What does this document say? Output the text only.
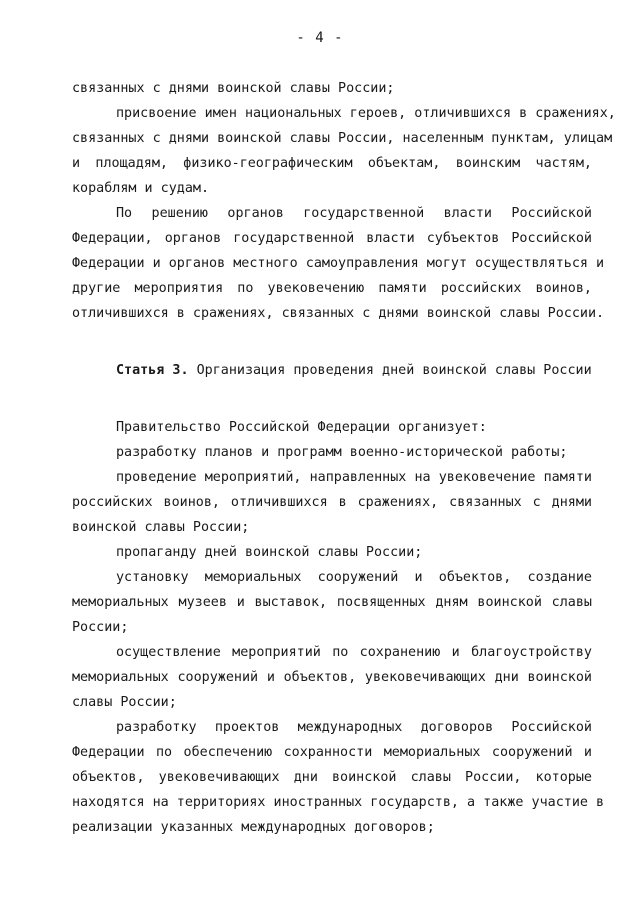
- 4 -
связанных с днями воинской славы России;
присвоение имен национальных героев, отличившихся в сражениях,
связанных с днями воинской славы России, населенным пунктам, улицам
и площадям, физико-географическим объектам, воинским частям,
кораблям и судам.
По решению органов государственной власти Российской
Федерации, органов государственной власти субъектов Российской
Федерации и органов местного самоуправления могут осуществляться и
другие мероприятия по увековечению памяти российских воинов,
отличившихся в сражениях, связанных с днями воинской славы России.
Статья 3. Организация проведения дней воинской славы России
Правительство Российской Федерации организует:
разработку планов и программ военно-исторической работы;
проведение мероприятий, направленных на увековечение памяти
российских воинов, отличившихся в сражениях, связанных с днями
воинской славы России;
пропаганду дней воинской славы России;
установку мемориальных сооружений и объектов, создание
мемориальных музеев и выставок, посвященных дням воинской славы
России;
осуществление мероприятий по сохранению и благоустройству
мемориальных сооружений и объектов, увековечивающих дни воинской
славы России;
разработку проектов международных договоров Российской
Федерации по обеспечению сохранности мемориальных сооружений и
объектов, увековечивающих дни воинской славы России, которые
находятся на территориях иностранных государств, а также участие в
реализации указанных международных договоров;
